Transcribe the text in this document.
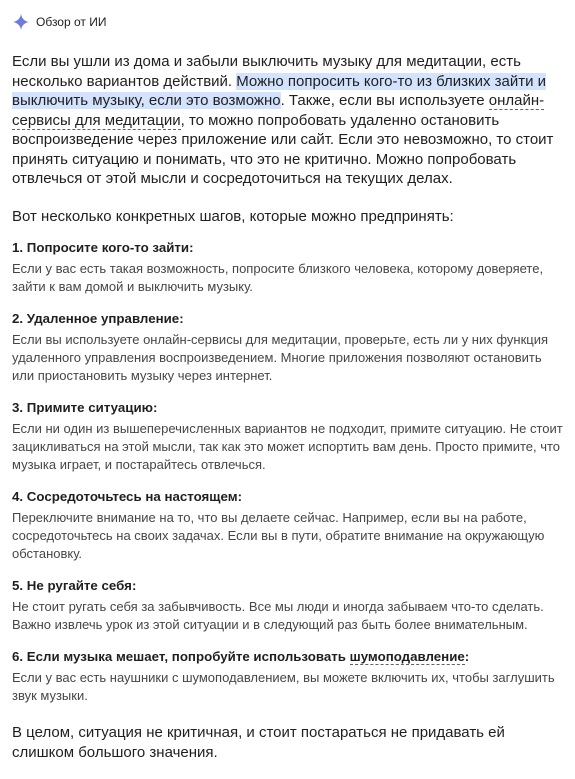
Обзор от ИИ

Если вы ушли из дома и забыли выключить музыку для медитации, есть несколько вариантов действий. Можно попросить кого-то из близких зайти и выключить музыку, если это возможно. Также, если вы используете онлайн-сервисы для медитации, то можно попробовать удаленно остановить воспроизведение через приложение или сайт. Если это невозможно, то стоит принять ситуацию и понимать, что это не критично. Можно попробовать отвлечься от этой мысли и сосредоточиться на текущих делах.

Вот несколько конкретных шагов, которые можно предпринять:

1. Попросите кого-то зайти:
Если у вас есть такая возможность, попросите близкого человека, которому доверяете, зайти к вам домой и выключить музыку.
2. Удаленное управление:
Если вы используете онлайн-сервисы для медитации, проверьте, есть ли у них функция удаленного управления воспроизведением. Многие приложения позволяют остановить или приостановить музыку через интернет.
3. Примите ситуацию:
Если ни один из вышеперечисленных вариантов не подходит, примите ситуацию. Не стоит зацикливаться на этой мысли, так как это может испортить вам день. Просто примите, что музыка играет, и постарайтесь отвлечься.
4. Сосредоточьтесь на настоящем:
Переключите внимание на то, что вы делаете сейчас. Например, если вы на работе, сосредоточьтесь на своих задачах. Если вы в пути, обратите внимание на окружающую обстановку.
5. Не ругайте себя:
Не стоит ругать себя за забывчивость. Все мы люди и иногда забываем что-то сделать. Важно извлечь урок из этой ситуации и в следующий раз быть более внимательным.
6. Если музыка мешает, попробуйте использовать шумоподавление:
Если у вас есть наушники с шумоподавлением, вы можете включить их, чтобы заглушить звук музыки.

В целом, ситуация не критичная, и стоит постараться не придавать ей слишком большого значения.
